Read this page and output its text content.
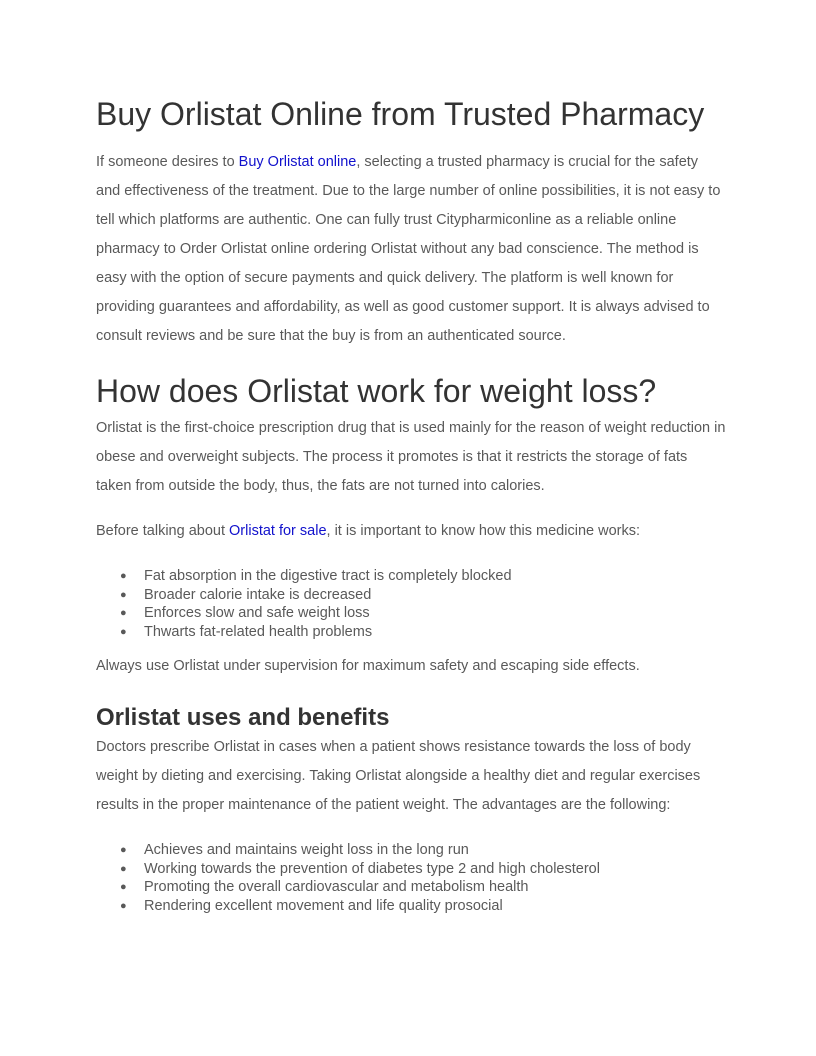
Buy Orlistat Online from Trusted Pharmacy

If someone desires to Buy Orlistat online, selecting a trusted pharmacy is crucial for the safety and effectiveness of the treatment. Due to the large number of online possibilities, it is not easy to tell which platforms are authentic. One can fully trust Citypharmiconline as a reliable online pharmacy to Order Orlistat online ordering Orlistat without any bad conscience. The method is easy with the option of secure payments and quick delivery. The platform is well known for providing guarantees and affordability, as well as good customer support. It is always advised to consult reviews and be sure that the buy is from an authenticated source.

How does Orlistat work for weight loss?

Orlistat is the first-choice prescription drug that is used mainly for the reason of weight reduction in obese and overweight subjects. The process it promotes is that it restricts the storage of fats taken from outside the body, thus, the fats are not turned into calories.

Before talking about Orlistat for sale, it is important to know how this medicine works:

● Fat absorption in the digestive tract is completely blocked
● Broader calorie intake is decreased
● Enforces slow and safe weight loss
● Thwarts fat-related health problems

Always use Orlistat under supervision for maximum safety and escaping side effects.

Orlistat uses and benefits

Doctors prescribe Orlistat in cases when a patient shows resistance towards the loss of body weight by dieting and exercising. Taking Orlistat alongside a healthy diet and regular exercises results in the proper maintenance of the patient weight. The advantages are the following:

● Achieves and maintains weight loss in the long run
● Working towards the prevention of diabetes type 2 and high cholesterol
● Promoting the overall cardiovascular and metabolism health
● Rendering excellent movement and life quality prosocial
